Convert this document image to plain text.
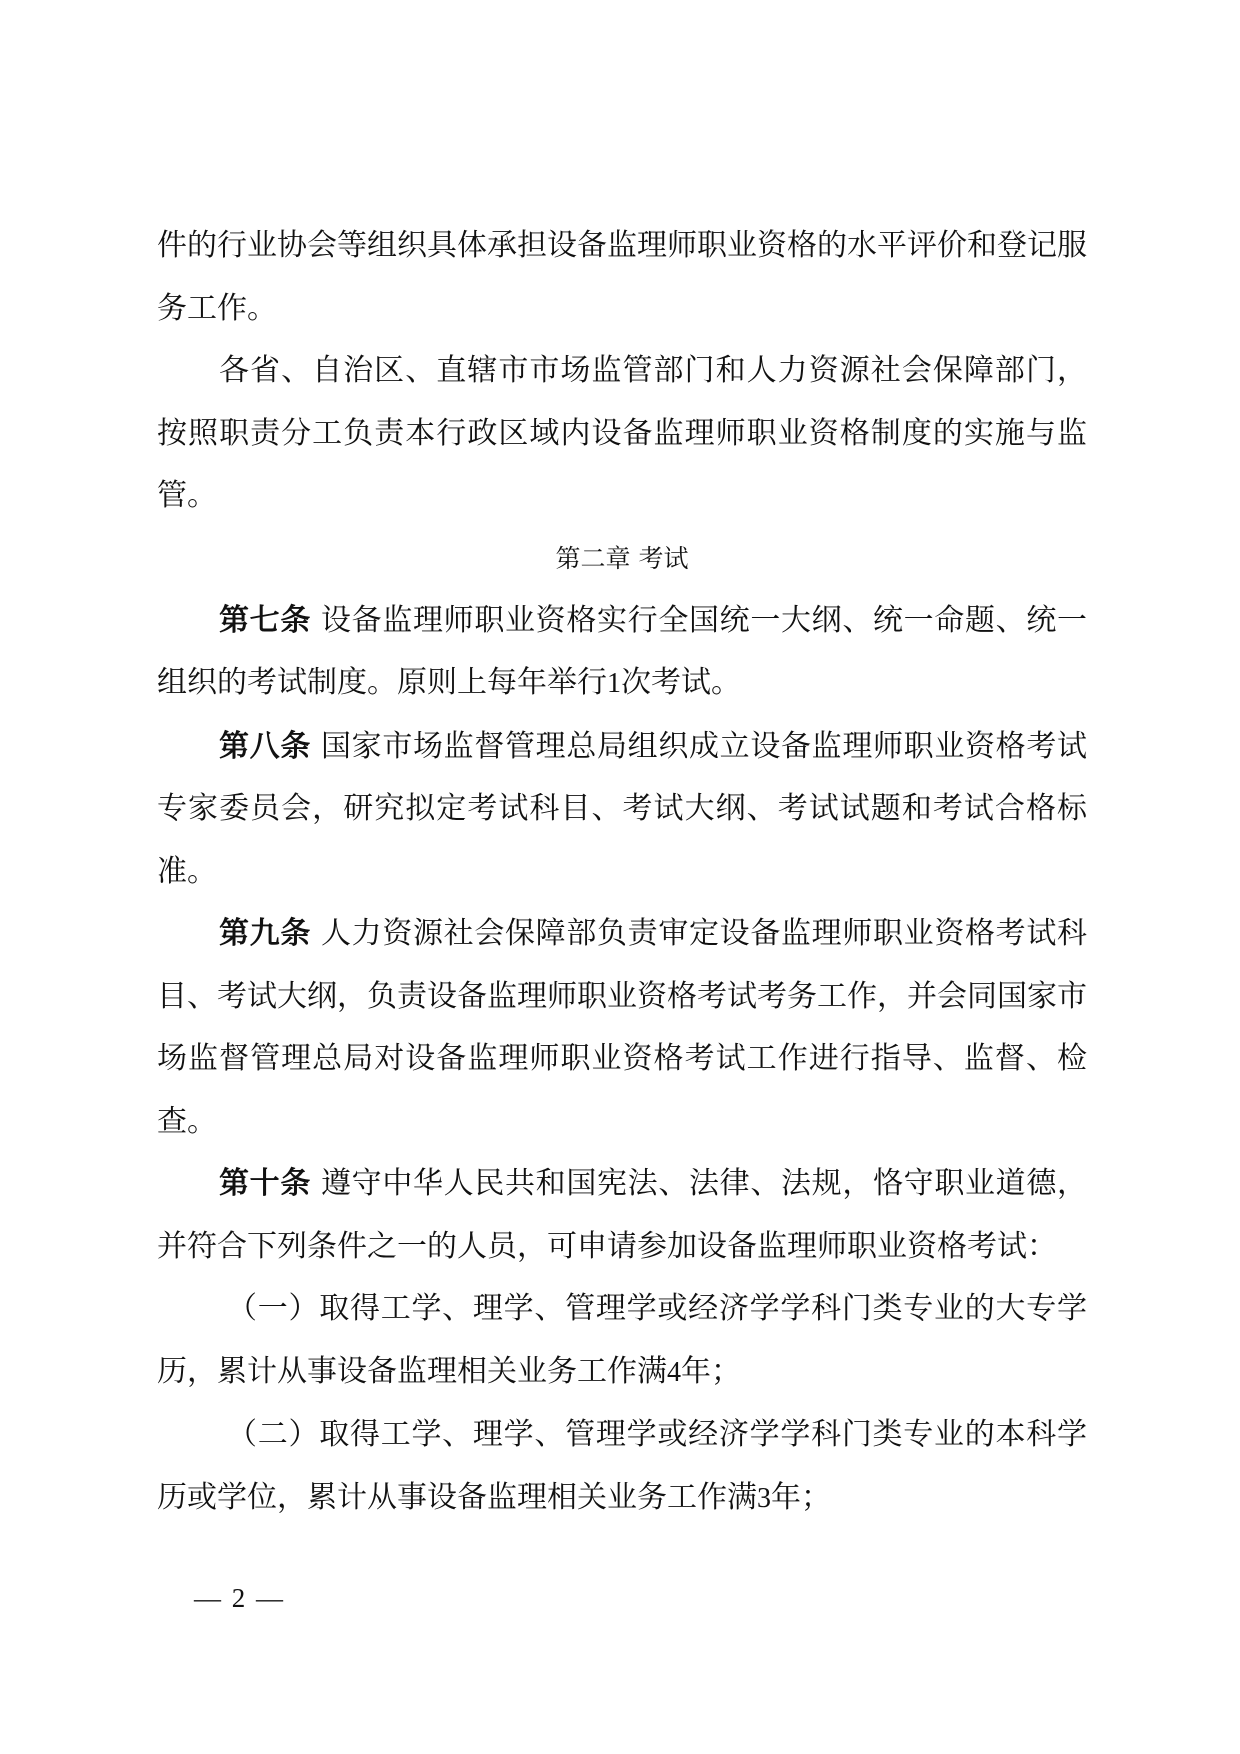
件的行业协会等组织具体承担设备监理师职业资格的水平评价和登记服务工作。

各省、自治区、直辖市市场监管部门和人力资源社会保障部门，按照职责分工负责本行政区域内设备监理师职业资格制度的实施与监管。

第二章 考试

第七条 设备监理师职业资格实行全国统一大纲、统一命题、统一组织的考试制度。原则上每年举行1次考试。

第八条 国家市场监督管理总局组织成立设备监理师职业资格考试专家委员会，研究拟定考试科目、考试大纲、考试试题和考试合格标准。

第九条 人力资源社会保障部负责审定设备监理师职业资格考试科目、考试大纲，负责设备监理师职业资格考试考务工作，并会同国家市场监督管理总局对设备监理师职业资格考试工作进行指导、监督、检查。

第十条 遵守中华人民共和国宪法、法律、法规，恪守职业道德，并符合下列条件之一的人员，可申请参加设备监理师职业资格考试：

（一）取得工学、理学、管理学或经济学学科门类专业的大专学历，累计从事设备监理相关业务工作满4年；

（二）取得工学、理学、管理学或经济学学科门类专业的本科学历或学位，累计从事设备监理相关业务工作满3年；

— 2 —
